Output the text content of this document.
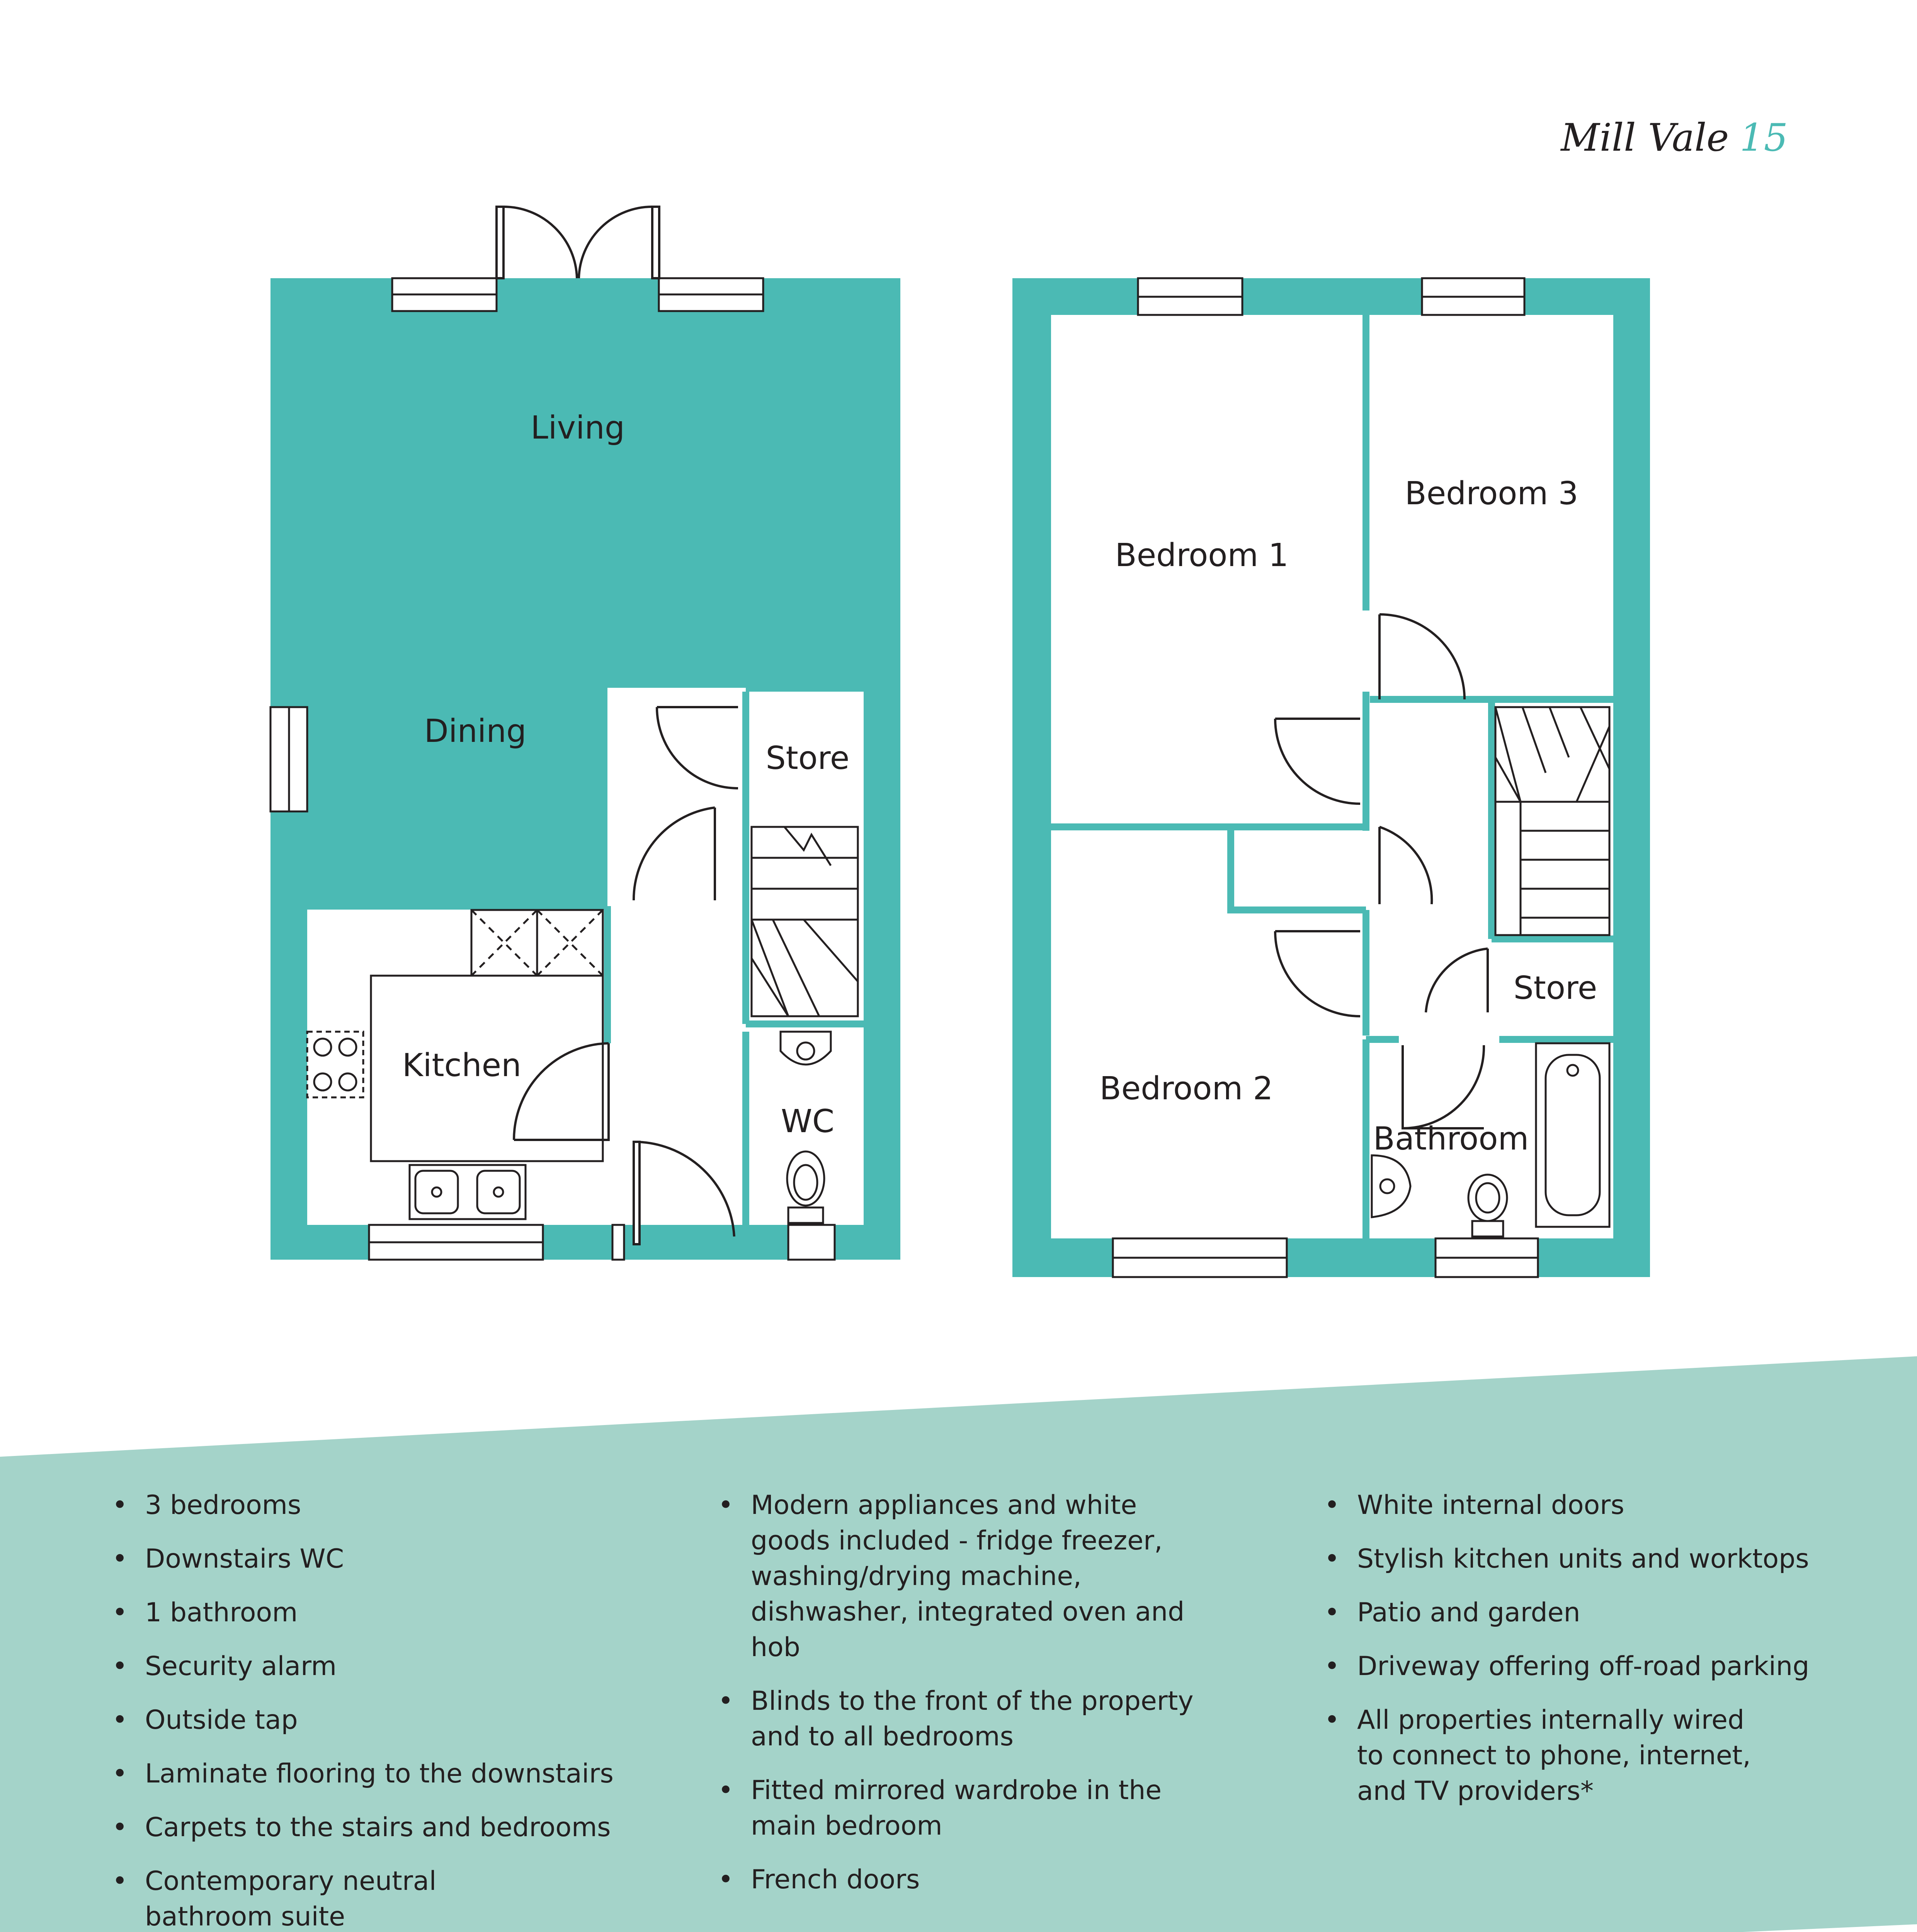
Mill Vale 15
Living
Dining
Store
Kitchen
WC
Bedroom 1
Bedroom 3
Bedroom 2
Store
Bathroom
• 3 bedrooms
• Downstairs WC
• 1 bathroom
• Security alarm
• Outside tap
• Laminate flooring to the downstairs
• Carpets to the stairs and bedrooms
• Contemporary neutral bathroom suite
• Modern appliances and white goods included - fridge freezer, washing/drying machine, dishwasher, integrated oven and hob
• Blinds to the front of the property and to all bedrooms
• Fitted mirrored wardrobe in the main bedroom
• French doors
• White internal doors
• Stylish kitchen units and worktops
• Patio and garden
• Driveway offering off-road parking
• All properties internally wired to connect to phone, internet, and TV providers*
